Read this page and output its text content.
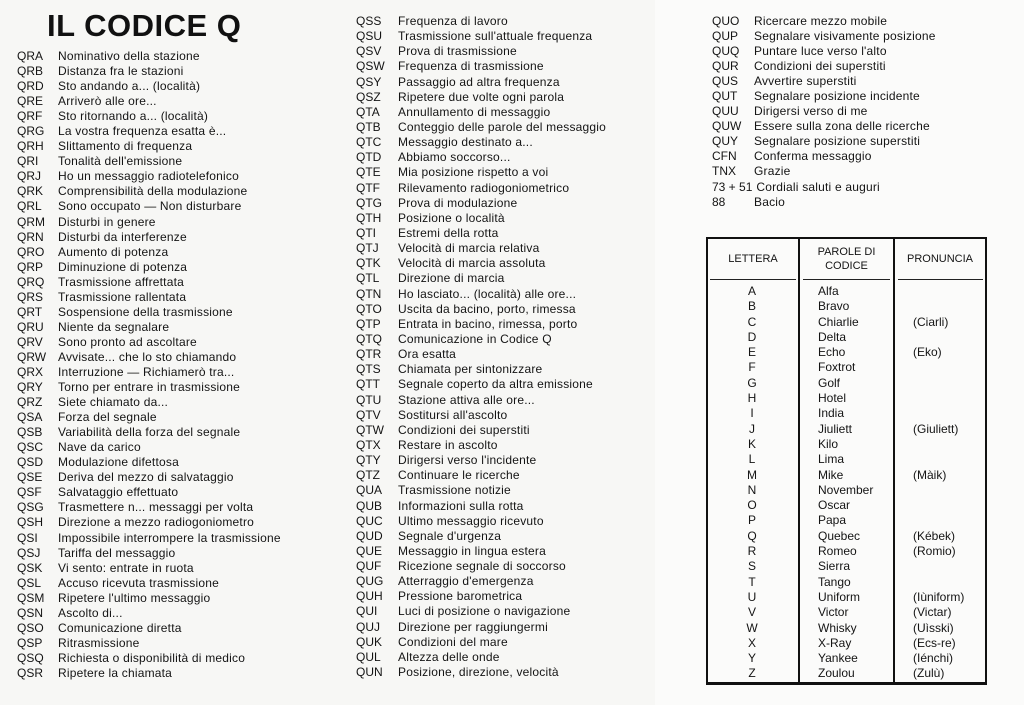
IL CODICE Q
QRA	Nominativo della stazione
QRB	Distanza fra le stazioni
QRD	Sto andando a... (località)
QRE	Arriverò alle ore...
QRF	Sto ritornando a... (località)
QRG	La vostra frequenza esatta è...
QRH	Slittamento di frequenza
QRI	Tonalità dell'emissione
QRJ	Ho un messaggio radiotelefonico
QRK	Comprensibilità della modulazione
QRL	Sono occupato — Non disturbare
QRM	Disturbi in genere
QRN	Disturbi da interferenze
QRO	Aumento di potenza
QRP	Diminuzione di potenza
QRQ	Trasmissione affrettata
QRS	Trasmissione rallentata
QRT	Sospensione della trasmissione
QRU	Niente da segnalare
QRV	Sono pronto ad ascoltare
QRW Avvisate... che lo sto chiamando
QRX	Interruzione — Richiamerò tra...
QRY	Torno per entrare in trasmissione
QRZ	Siete chiamato da...
QSA	Forza del segnale
QSB	Variabilità della forza del segnale
QSC	Nave da carico
QSD	Modulazione difettosa
QSE	Deriva del mezzo di salvataggio
QSF	Salvataggio effettuato
QSG	Trasmettere n... messaggi per volta
QSH	Direzione a mezzo radiogoniometro
QSI	Impossibile interrompere la trasmissione
QSJ	Tariffa del messaggio
QSK	Vi sento: entrate in ruota
QSL	Accuso ricevuta trasmissione
QSM	Ripetere l'ultimo messaggio
QSN	Ascolto di...
QSO	Comunicazione diretta
QSP	Ritrasmissione
QSQ	Richiesta o disponibilità di medico
QSR	Ripetere la chiamata
QSS	Frequenza di lavoro
QSU	Trasmissione sull'attuale frequenza
QSV	Prova di trasmissione
QSW	Frequenza di trasmissione
QSY	Passaggio ad altra frequenza
QSZ	Ripetere due volte ogni parola
QTA	Annullamento di messaggio
QTB	Conteggio delle parole del messaggio
QTC	Messaggio destinato a...
QTD	Abbiamo soccorso...
QTE	Mia posizione rispetto a voi
QTF	Rilevamento radiogoniometrico
QTG	Prova di modulazione
QTH	Posizione o località
QTI	Estremi della rotta
QTJ	Velocità di marcia relativa
QTK	Velocità di marcia assoluta
QTL	Direzione di marcia
QTN	Ho lasciato... (località) alle ore...
QTO	Uscita da bacino, porto, rimessa
QTP	Entrata in bacino, rimessa, porto
QTQ	Comunicazione in Codice Q
QTR	Ora esatta
QTS	Chiamata per sintonizzare
QTT	Segnale coperto da altra emissione
QTU	Stazione attiva alle ore...
QTV	Sostitursi all'ascolto
QTW	Condizioni dei superstiti
QTX	Restare in ascolto
QTY	Dirigersi verso l'incidente
QTZ	Continuare le ricerche
QUA	Trasmissione notizie
QUB	Informazioni sulla rotta
QUC	Ultimo messaggio ricevuto
QUD	Segnale d'urgenza
QUE	Messaggio in lingua estera
QUF	Ricezione segnale di soccorso
QUG	Atterraggio d'emergenza
QUH	Pressione barometrica
QUI	Luci di posizione o navigazione
QUJ	Direzione per raggiungermi
QUK	Condizioni del mare
QUL	Altezza delle onde
QUN	Posizione, direzione, velocità
QUO	Ricercare mezzo mobile
QUP	Segnalare visivamente posizione
QUQ	Puntare luce verso l'alto
QUR	Condizioni dei superstiti
QUS	Avvertire superstiti
QUT	Segnalare posizione incidente
QUU	Dirigersi verso di me
QUW	Essere sulla zona delle ricerche
QUY	Segnalare posizione superstiti
CFN	Conferma messaggio
TNX	Grazie
73 + 51 Cordiali saluti e auguri
88	Bacio
LETTERA
PAROLE DI
CODICE
PRONUNCIA
A	Alfa
B	Bravo
C	Chiarlie	(Ciarli)
D	Delta
E	Echo	(Eko)
F	Foxtrot
G	Golf
H	Hotel
I	India
J	Jiuliett	(Giuliett)
K	Kilo
L	Lima
M	Mike	(Màik)
N	November
O	Oscar
P	Papa
Q	Quebec	(Kébek)
R	Romeo	(Romio)
S	Sierra
T	Tango
U	Uniform	(Iùniform)
V	Victor	(Victar)
W	Whisky	(Uìsski)
X	X-Ray	(Ecs-re)
Y	Yankee	(Iénchi)
Z	Zoulou	(Zulù)
